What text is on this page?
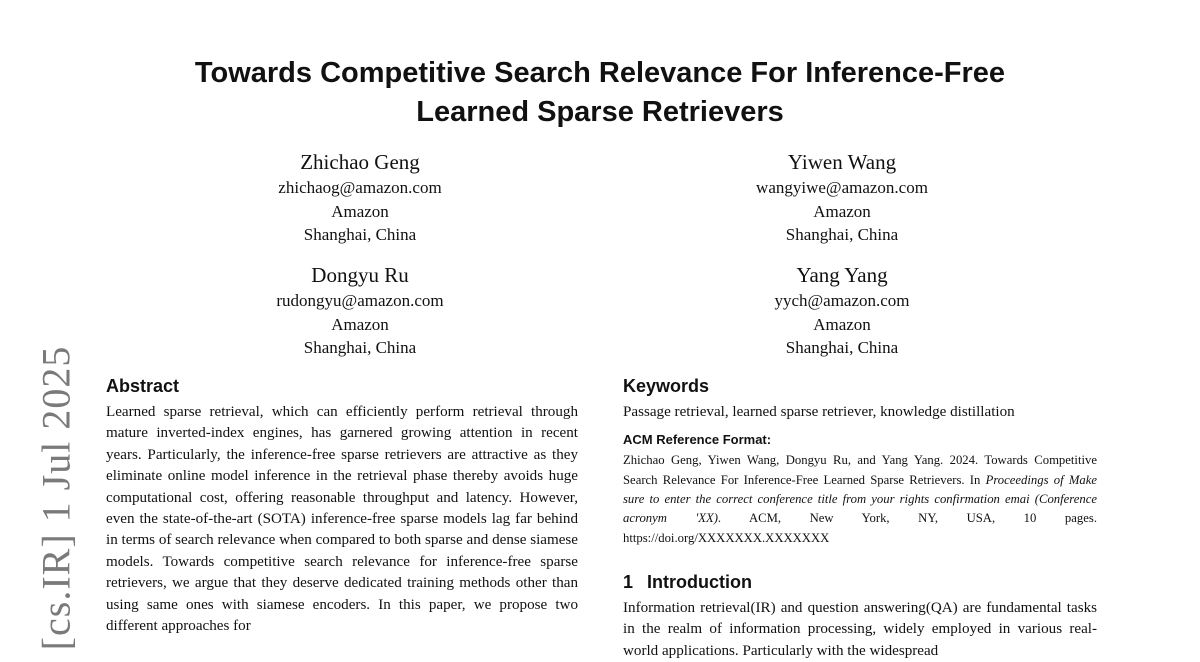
[cs.IR] 1 Jul 2025
Towards Competitive Search Relevance For Inference-Free
Learned Sparse Retrievers
Zhichao Geng
zhichaog@amazon.com
Amazon
Shanghai, China
Yiwen Wang
wangyiwe@amazon.com
Amazon
Shanghai, China
Dongyu Ru
rudongyu@amazon.com
Amazon
Shanghai, China
Yang Yang
yych@amazon.com
Amazon
Shanghai, China
Abstract

Learned sparse retrieval, which can efficiently perform retrieval through mature inverted-index engines, has garnered growing attention in recent years. Particularly, the inference-free sparse retrievers are attractive as they eliminate online model inference in the retrieval phase thereby avoids huge computational cost, offering reasonable throughput and latency. However, even the state-of-the-art (SOTA) inference-free sparse models lag far behind in terms of search relevance when compared to both sparse and dense siamese models. Towards competitive search relevance for inference-free sparse retrievers, we argue that they deserve dedicated training methods other than using same ones with siamese encoders. In this paper, we propose two different approaches for

Keywords

Passage retrieval, learned sparse retriever, knowledge distillation

ACM Reference Format:

Zhichao Geng, Yiwen Wang, Dongyu Ru, and Yang Yang. 2024. Towards Competitive Search Relevance For Inference-Free Learned Sparse Retrievers. In Proceedings of Make sure to enter the correct conference title from your rights confirmation emai (Conference acronym 'XX). ACM, New York, NY, USA, 10 pages. https://doi.org/XXXXXXX.XXXXXXX

1 Introduction

Information retrieval(IR) and question answering(QA) are fundamental tasks in the realm of information processing, widely employed in various real-world applications. Particularly with the widespread
